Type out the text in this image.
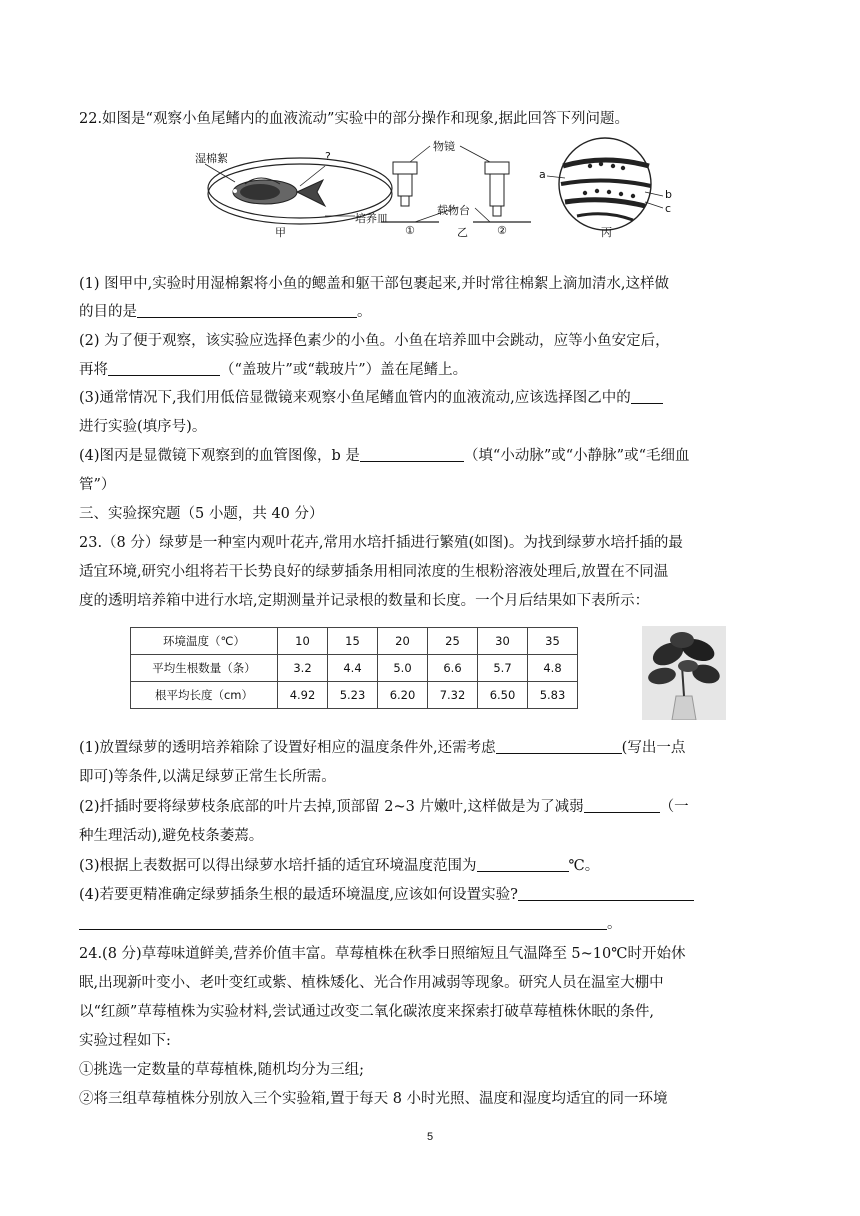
22.如图是“观察小鱼尾鳍内的血液流动”实验中的部分操作和现象,据此回答下列问题。
湿棉絮	?
培养皿
甲
物镜
载物台
①	乙	②
a
b
c
丙
(1) 图甲中,实验时用湿棉絮将小鱼的鳃盖和躯干部包裹起来,并时常往棉絮上滴加清水,这样做
的目的是	。
(2) 为了便于观察，该实验应选择色素少的小鱼。小鱼在培养皿中会跳动，应等小鱼安定后，
再将	（“盖玻片”或“载玻片”）盖在尾鳍上。
(3)通常情况下,我们用低倍显微镜来观察小鱼尾鳍血管内的血液流动,应该选择图乙中的
进行实验(填序号)。
(4)图丙是显微镜下观察到的血管图像，b 是	（填“小动脉”或“小静脉”或“毛细血
管”）
三、实验探究题（5 小题，共 40 分）
23.（8 分）绿萝是一种室内观叶花卉,常用水培扦插进行繁殖(如图)。为找到绿萝水培扦插的最
适宜环境,研究小组将若干长势良好的绿萝插条用相同浓度的生根粉溶液处理后,放置在不同温
度的透明培养箱中进行水培,定期测量并记录根的数量和长度。一个月后结果如下表所示：
环境温度（℃）	10	15	20	25	30	35
平均生根数量（条）	3.2	4.4	5.0	6.6	5.7	4.8
根平均长度（cm）	4.92	5.23	6.20	7.32	6.50	5.83
(1)放置绿萝的透明培养箱除了设置好相应的温度条件外,还需考虑	(写出一点
即可)等条件,以满足绿萝正常生长所需。
(2)扦插时要将绿萝枝条底部的叶片去掉,顶部留 2~3 片嫩叶,这样做是为了减弱	（一
种生理活动),避免枝条萎蔫。
(3)根据上表数据可以得出绿萝水培扦插的适宜环境温度范围为	℃。
(4)若要更精准确定绿萝插条生根的最适环境温度,应该如何设置实验?
。
24.(8 分)草莓味道鲜美,营养价值丰富。草莓植株在秋季日照缩短且气温降至 5~10℃时开始休
眠,出现新叶变小、老叶变红或紫、植株矮化、光合作用减弱等现象。研究人员在温室大棚中
以“红颜”草莓植株为实验材料,尝试通过改变二氧化碳浓度来探索打破草莓植株休眠的条件,
实验过程如下:
①挑选一定数量的草莓植株,随机均分为三组;
②将三组草莓植株分别放入三个实验箱,置于每天 8 小时光照、温度和湿度均适宜的同一环境
5
